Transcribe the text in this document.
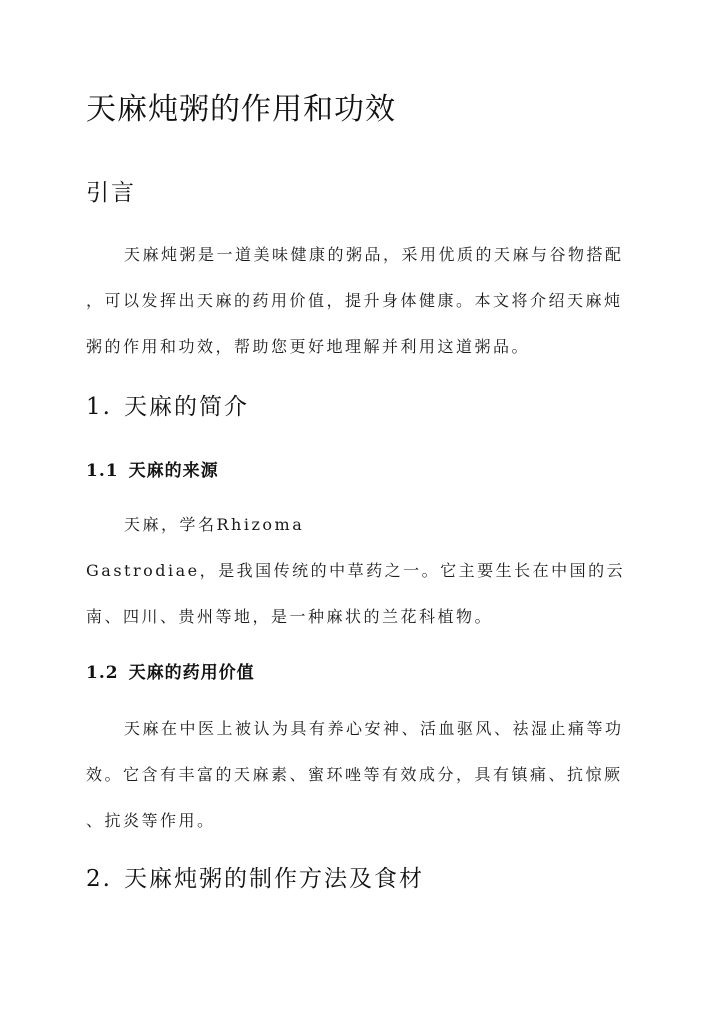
天麻炖粥的作用和功效
引言

天麻炖粥是一道美味健康的粥品，采用优质的天麻与谷物搭配
，可以发挥出天麻的药用价值，提升身体健康。本文将介绍天麻炖
粥的作用和功效，帮助您更好地理解并利用这道粥品。

1. 天麻的简介
1.1 天麻的来源

天麻，学名Rhizoma
Gastrodiae，是我国传统的中草药之一。它主要生长在中国的云
南、四川、贵州等地，是一种麻状的兰花科植物。

1.2 天麻的药用价值

天麻在中医上被认为具有养心安神、活血驱风、祛湿止痛等功
效。它含有丰富的天麻素、蜜环唑等有效成分，具有镇痛、抗惊厥
、抗炎等作用。

2. 天麻炖粥的制作方法及食材
